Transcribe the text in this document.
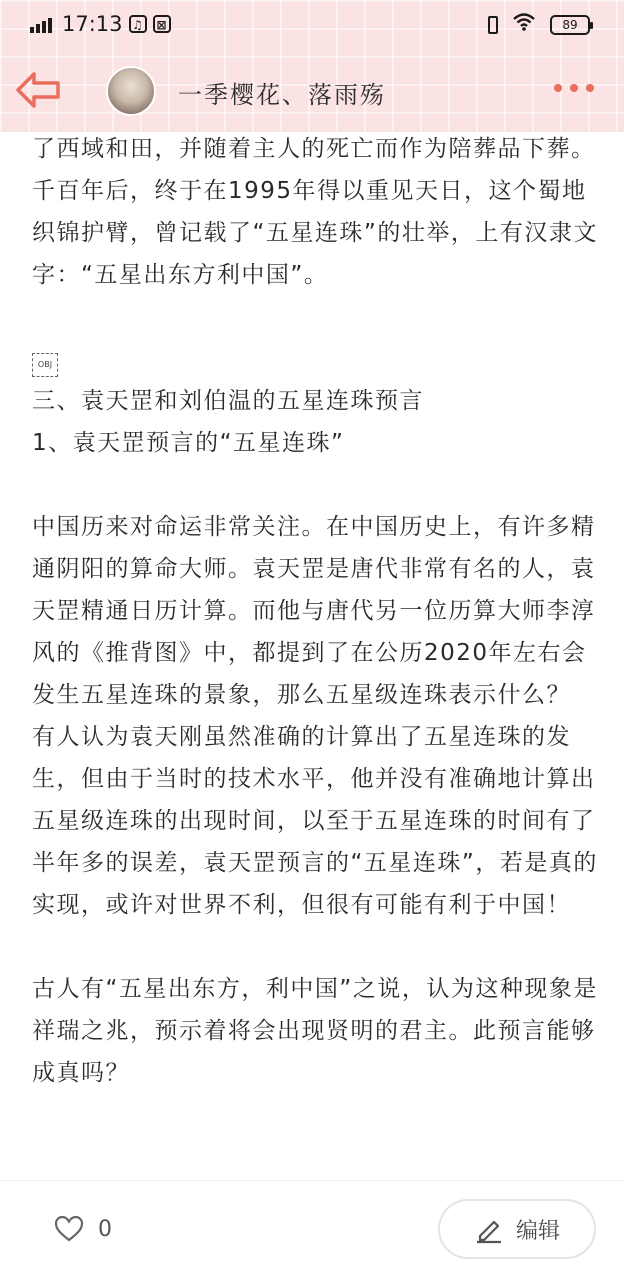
17:13 ♫	⊠	89
一季樱花、落雨殇

了西域和田，并随着主人的死亡而作为陪葬品下葬。千百年后，终于在1995年得以重见天日，这个蜀地织锦护臂，曾记载了“五星连珠”的壮举，上有汉隶文字：“五星出东方利中国”。

OBJ

三、袁天罡和刘伯温的五星连珠预言

1、袁天罡预言的“五星连珠”

中国历来对命运非常关注。在中国历史上，有许多精通阴阳的算命大师。袁天罡是唐代非常有名的人，袁天罡精通日历计算。而他与唐代另一位历算大师李淳风的《推背图》中，都提到了在公历2020年左右会发生五星连珠的景象，那么五星级连珠表示什么？

有人认为袁天刚虽然准确的计算出了五星连珠的发生，但由于当时的技术水平，他并没有准确地计算出五星级连珠的出现时间，以至于五星连珠的时间有了半年多的误差，袁天罡预言的“五星连珠”，若是真的实现，或许对世界不利，但很有可能有利于中国！

古人有“五星出东方，利中国”之说，认为这种现象是祥瑞之兆，预示着将会出现贤明的君主。此预言能够成真吗？

0	编辑
